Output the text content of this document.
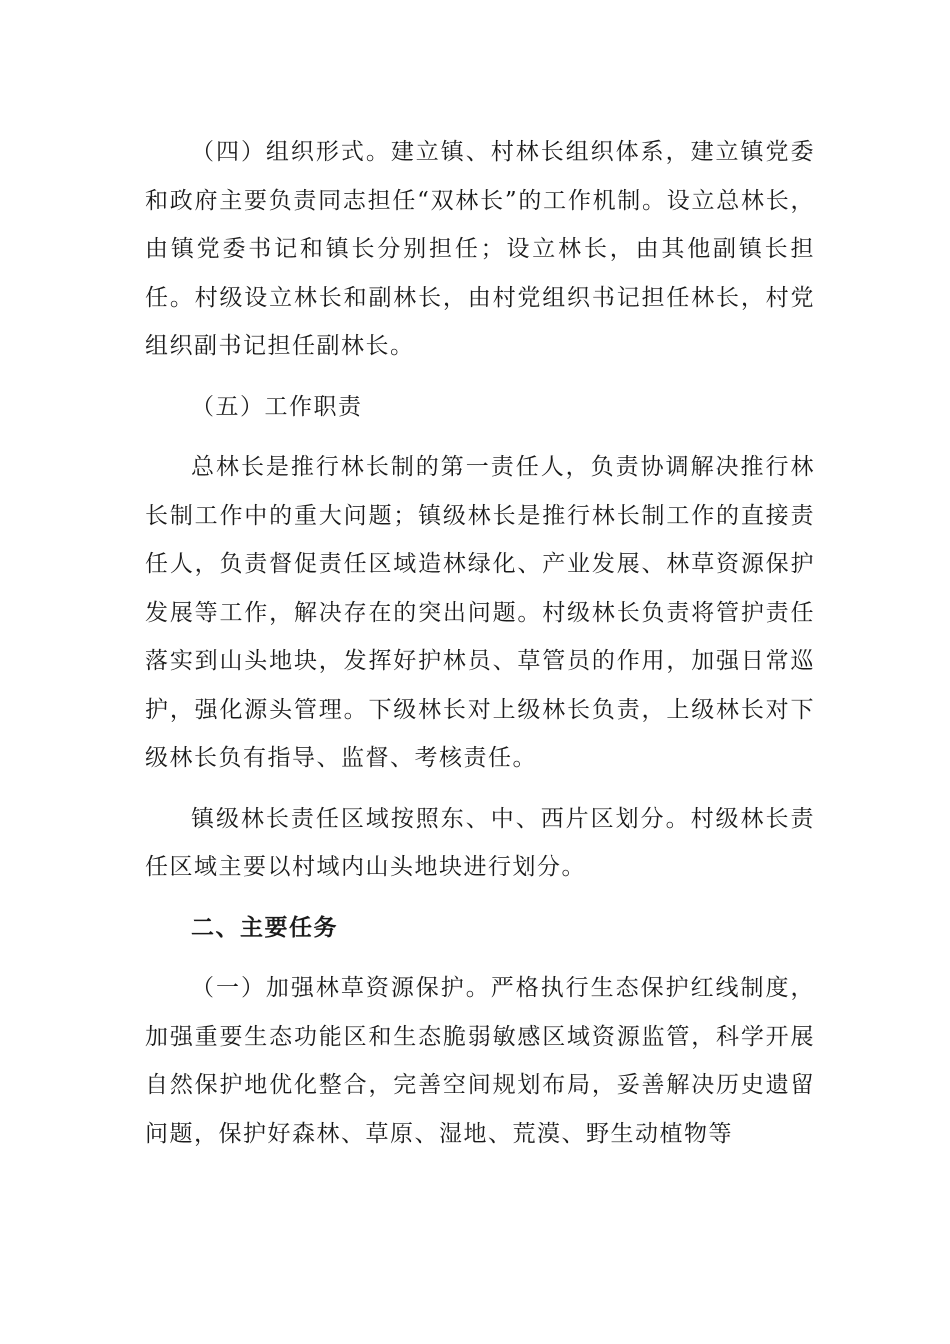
（四）组织形式。建立镇、村林长组织体系，建立镇党委和政府主要负责同志担任“双林长”的工作机制。设立总林长，由镇党委书记和镇长分别担任；设立林长，由其他副镇长担任。村级设立林长和副林长，由村党组织书记担任林长，村党组织副书记担任副林长。

（五）工作职责

总林长是推行林长制的第一责任人，负责协调解决推行林长制工作中的重大问题；镇级林长是推行林长制工作的直接责任人，负责督促责任区域造林绿化、产业发展、林草资源保护发展等工作，解决存在的突出问题。村级林长负责将管护责任落实到山头地块，发挥好护林员、草管员的作用，加强日常巡护，强化源头管理。下级林长对上级林长负责，上级林长对下级林长负有指导、监督、考核责任。

镇级林长责任区域按照东、中、西片区划分。村级林长责任区域主要以村域内山头地块进行划分。

二、主要任务

（一）加强林草资源保护。严格执行生态保护红线制度，加强重要生态功能区和生态脆弱敏感区域资源监管，科学开展自然保护地优化整合，完善空间规划布局，妥善解决历史遗留问题，保护好森林、草原、湿地、荒漠、野生动植物等
